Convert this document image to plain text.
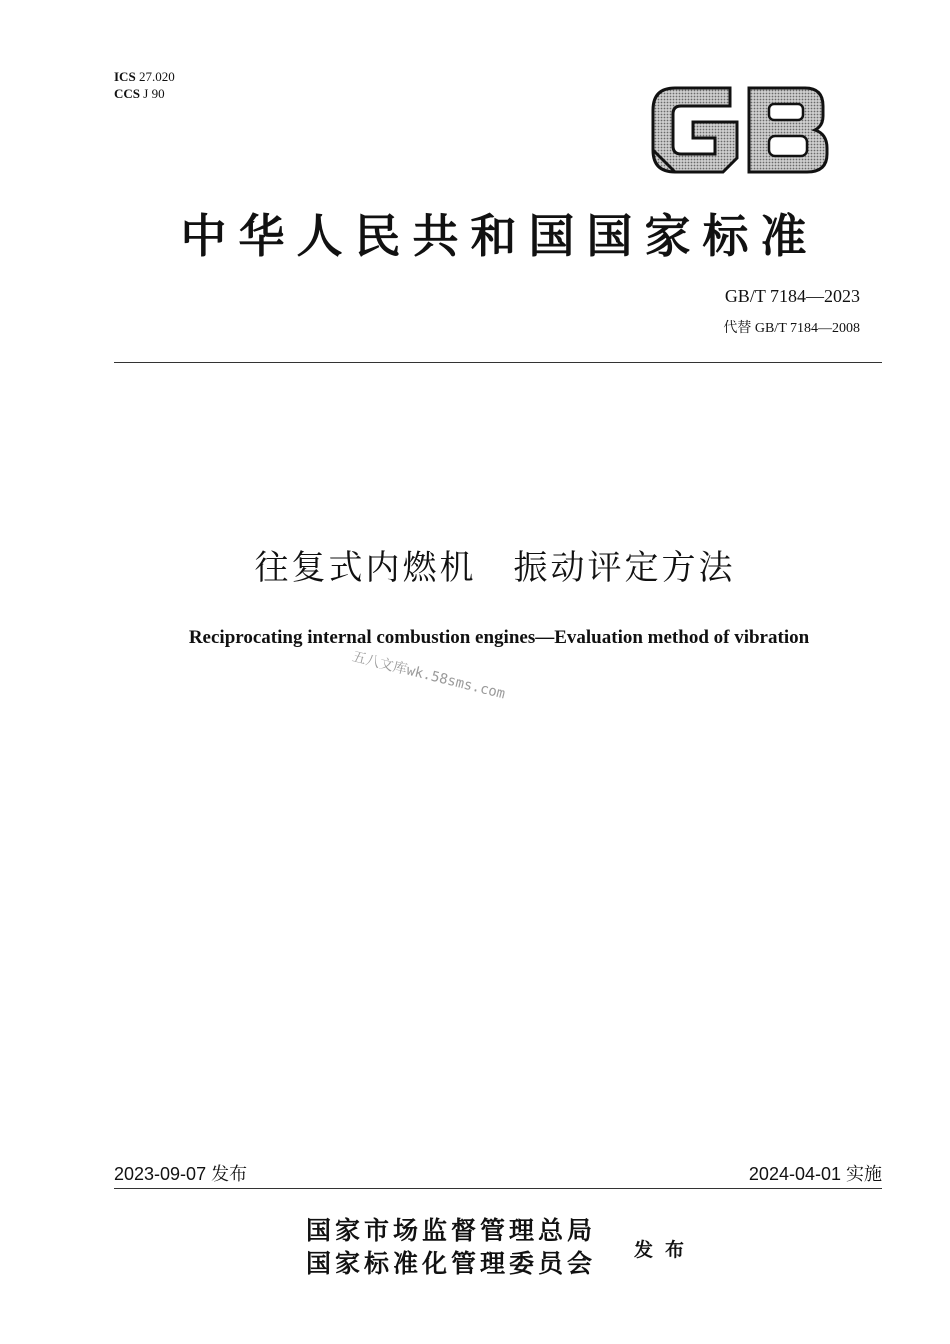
ICS 27.020
CCS J 90
中华人民共和国国家标准
GB/T 7184—2023
代替 GB/T 7184—2008
往复式内燃机　振动评定方法
Reciprocating internal combustion engines—Evaluation method of vibration
五八文库wk.58sms.com
2023-09-07 发布	2024-04-01 实施
国家市场监督管理总局
国家标准化管理委员会 发布
